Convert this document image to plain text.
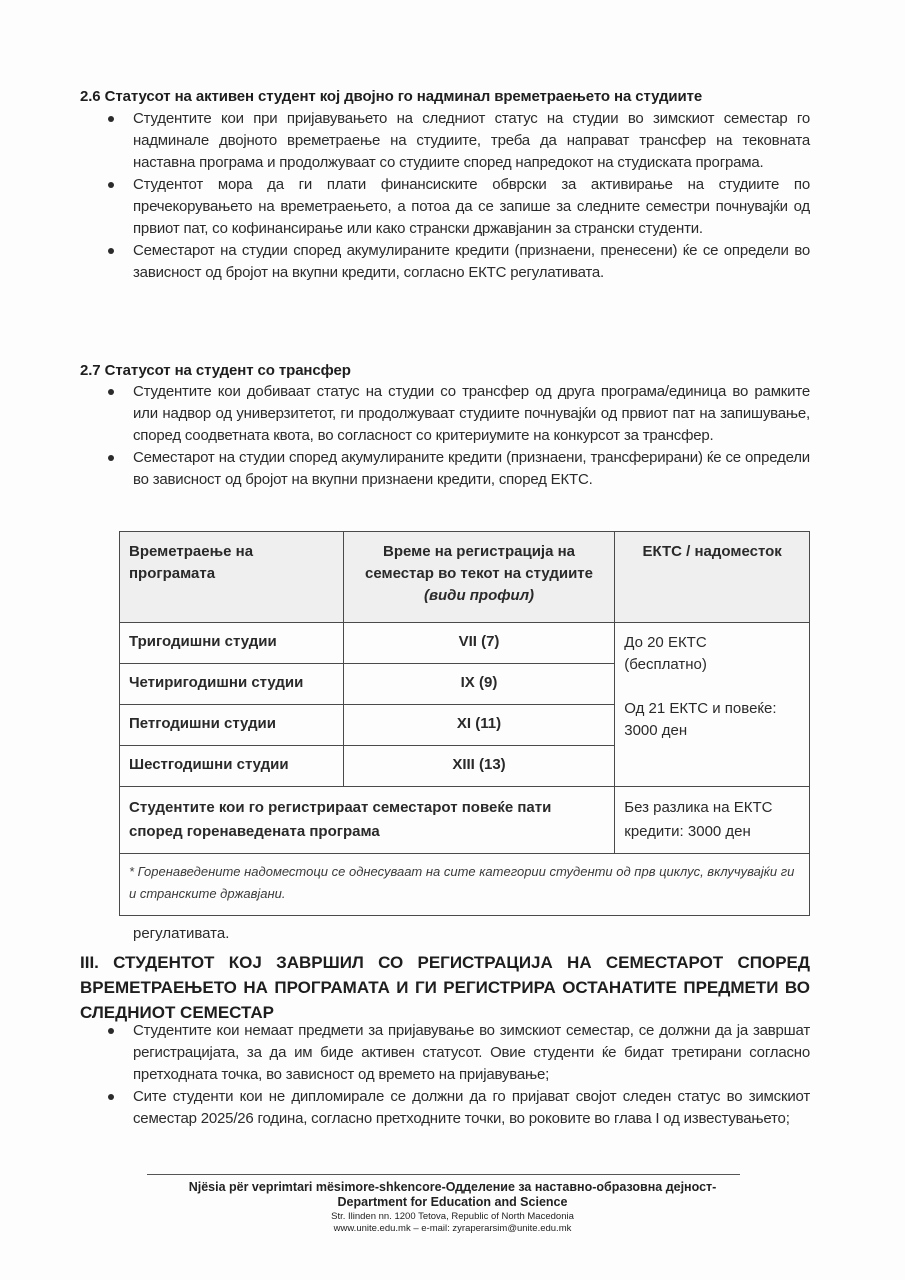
2.6 Статусот на активен студент кој двојно го надминал времетраењето на студиите
Студентите кои при пријавувањето на следниот статус на студии во зимскиот семестар го надминале двојното времетраење на студиите, треба да направат трансфер на тековната наставна програма и продолжуваат со студиите според напредокот на студиската програма.
Студентот мора да ги плати финансиските обврски за активирање на студиите по пречекорувањето на времетраењето, а потоа да се запише за следните семестри почнувајќи од првиот пат, со кофинансирање или како странски државјанин за странски студенти.
Семестарот на студии според акумулираните кредити (признаени, пренесени) ќе се определи во зависност од бројот на вкупни кредити, согласно ЕКТС регулативата.
2.7 Статусот на студент со трансфер
Студентите кои добиваат статус на студии со трансфер од друга програма/единица во рамките или надвор од универзитетот, ги продолжуваат студиите почнувајќи од првиот пат на запишување, според соодветната квота, во согласност со критериумите на конкурсот за трансфер.
Семестарот на студии според акумулираните кредити (признаени, трансферирани) ќе се определи во зависност од бројот на вкупни признаени кредити, според ЕКТС.
Времетраење на програмата	Време на регистрација на семестар во текот на студиите (види профил)	ЕКТС / надоместок
Тригодишни студии	VII (7)	До 20 ЕКТС
(бесплатно)
Од 21 ЕКТС и повеќе:
3000 ден

Четиригодишни студии	IX (9)	
Петгодишни студии	XI (11)	
Шестгодишни студии	XIII (13)	
Студентите кои го регистрираат семестарот повеќе пати според горенаведената програма		Без разлика на ЕКТС кредити: 3000 ден
* Горенаведените надоместоци се однесуваат на сите категории студенти од прв циклус, вклучувајќи ги и странските државјани.		
регулативата.
III. СТУДЕНТОТ КОЈ ЗАВРШИЛ СО РЕГИСТРАЦИЈА НА СЕМЕСТАРОТ СПОРЕД ВРЕМЕТРАЕЊЕТО НА ПРОГРАМАТА И ГИ РЕГИСТРИРА ОСТАНАТИТЕ ПРЕДМЕТИ ВО СЛЕДНИОТ СЕМЕСТАР
Студентите кои немаат предмети за пријавување во зимскиот семестар, се должни да ја завршат регистрацијата, за да им биде активен статусот. Овие студенти ќе бидат третирани согласно претходната точка, во зависност од времето на пријавување;
Сите студенти кои не дипломирале се должни да го пријават својот следен статус во зимскиот семестар 2025/26 година, согласно претходните точки, во роковите во глава I од известувањето;
Njësia për veprimtari mësimore-shkencore-Одделение за наставно-образовна дејност-
Department for Education and Science
Str. Ilinden nn. 1200 Tetova, Republic of North Macedonia
www.unite.edu.mk – e-mail: zyraperarsim@unite.edu.mk
